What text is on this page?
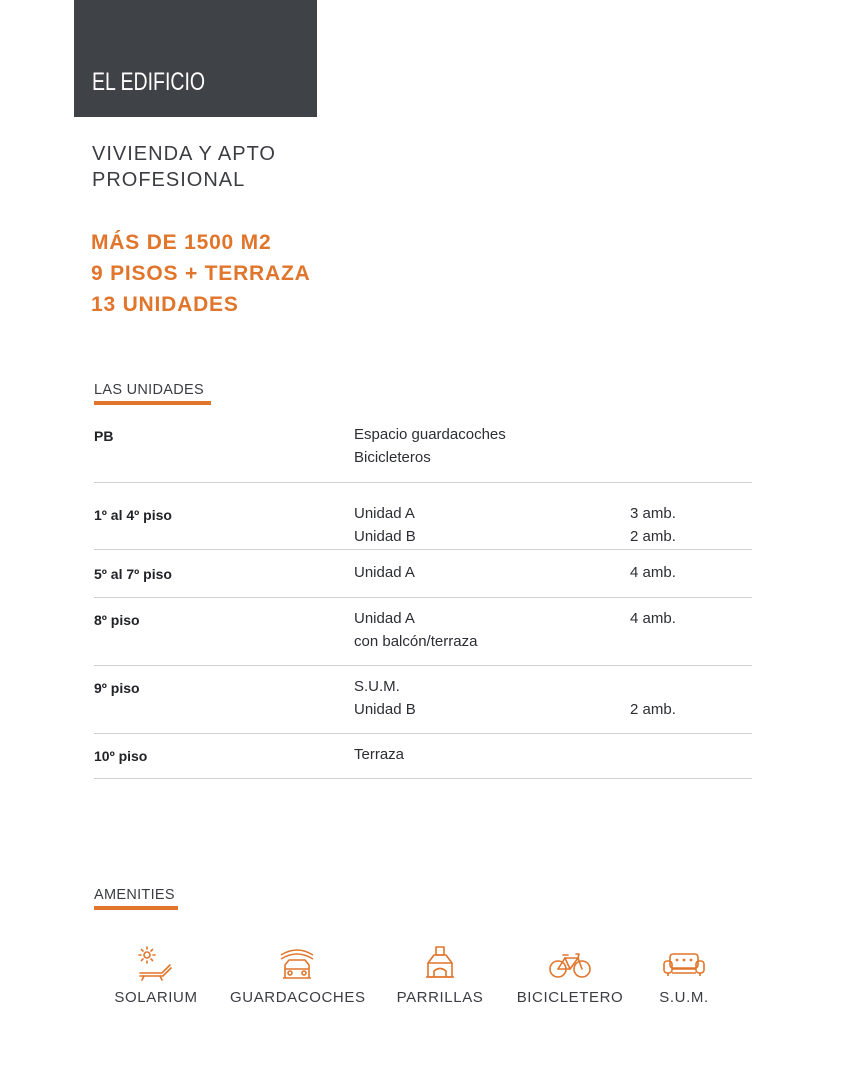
EL EDIFICIO
VIVIENDA Y APTO
PROFESIONAL
MÁS DE 1500 M2
9 PISOS + TERRAZA
13 UNIDADES
LAS UNIDADES
PB	Espacio guardacoches
Bicicleteros
1º al 4º piso	Unidad A	3 amb.
Unidad B	2 amb.
5º al 7º piso	Unidad A	4 amb.
8º piso	Unidad A	4 amb.
con balcón/terraza
9º piso	S.U.M.
Unidad B	2 amb.
10º piso	Terraza
AMENITIES
SOLARIUM	GUARDACOCHES	PARRILLAS	BICICLETERO	S.U.M.
